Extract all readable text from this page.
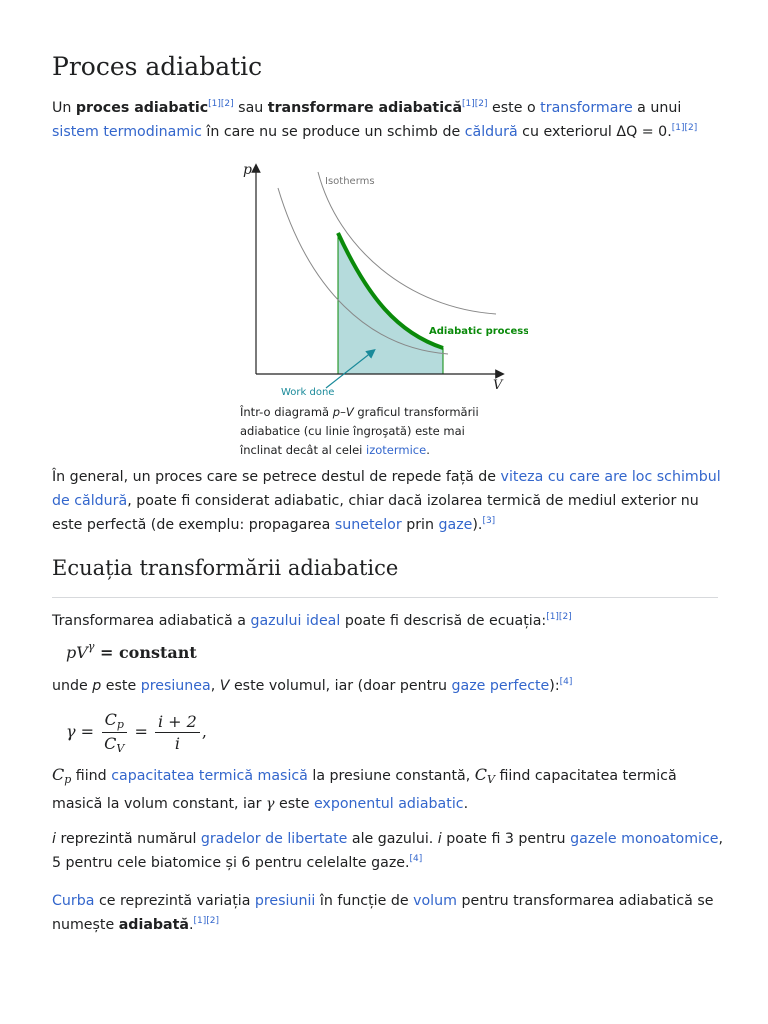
Proces adiabatic

Un proces adiabatic[1][2] sau transformare adiabatică[1][2] este o transformare a unui sistem termodinamic în care nu se produce un schimb de căldură cu exteriorul ΔQ = 0.[1][2]

p
V
Isotherms
Adiabatic process
Work done

Într-o diagramă p–V graficul transformării adiabatice (cu linie îngroşată) este mai înclinat decât al celei izotermice.

În general, un proces care se petrece destul de repede față de viteza cu care are loc schimbul de căldură, poate fi considerat adiabatic, chiar dacă izolarea termică de mediul exterior nu este perfectă (de exemplu: propagarea sunetelor prin gaze).[3]

Ecuația transformării adiabatice

Transformarea adiabatică a gazului ideal poate fi descrisă de ecuația:[1][2]

$pV^\gamma$ = constant

unde p este presiunea, V este volumul, iar (doar pentru gaze perfecte):[4]

$\gamma = \frac{C_p}{C_V} = \frac{i + 2}{i}$ ,

$C_p$ fiind capacitatea termică masică la presiune constantă, $C_V$ fiind capacitatea termică masică la volum constant, iar γ este exponentul adiabatic.

i reprezintă numărul gradelor de libertate ale gazului. i poate fi 3 pentru gazele monoatomice, 5 pentru cele biatomice și 6 pentru celelalte gaze.[4]

Curba ce reprezintă variația presiunii în funcție de volum pentru transformarea adiabatică se numește adiabată.[1][2]
